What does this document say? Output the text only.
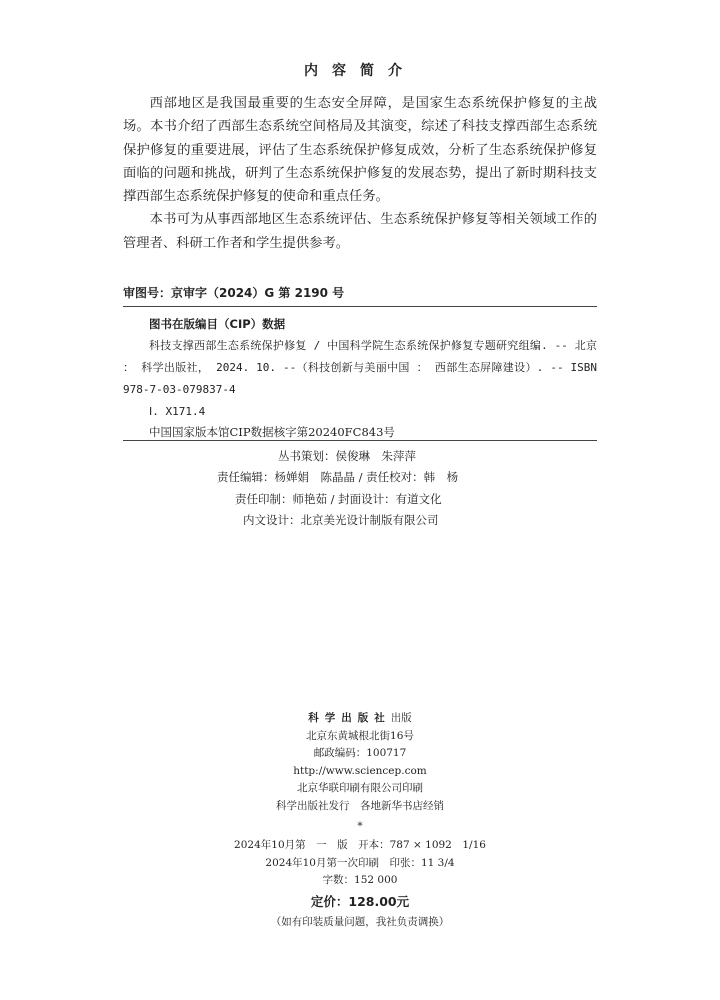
内容简介

西部地区是我国最重要的生态安全屏障，是国家生态系统保护修复的主战场。本书介绍了西部生态系统空间格局及其演变，综述了科技支撑西部生态系统保护修复的重要进展，评估了生态系统保护修复成效，分析了生态系统保护修复面临的问题和挑战，研判了生态系统保护修复的发展态势，提出了新时期科技支撑西部生态系统保护修复的使命和重点任务。

本书可为从事西部地区生态系统评估、生态系统保护修复等相关领域工作的管理者、科研工作者和学生提供参考。

审图号：京审字（2024）G 第 2190 号
图书在版编目（CIP）数据
科技支撑西部生态系统保护修复 / 中国科学院生态系统保护修复专题研究组编. -- 北京 ： 科学出版社， 2024. 10. --（科技创新与美丽中国 ： 西部生态屏障建设）. -- ISBN 978-7-03-079837-4
Ⅰ. X171.4
中国国家版本馆CIP数据核字第20240FC843号
丛书策划：侯俊琳　朱萍萍
责任编辑：杨婵娟　陈晶晶 / 责任校对：韩　杨
责任印制：师艳茹 / 封面设计：有道文化
内文设计：北京美光设计制版有限公司
科学出版社出版
北京东黄城根北街16号
邮政编码：100717
http://www.sciencep.com
北京华联印刷有限公司印刷
科学出版社发行　各地新华书店经销
*
2024年10月第　一　版　开本：787 × 1092　1/16
2024年10月第一次印刷　印张：11 3/4
字数：152 000
定价：128.00元
（如有印装质量问题，我社负责调换）
